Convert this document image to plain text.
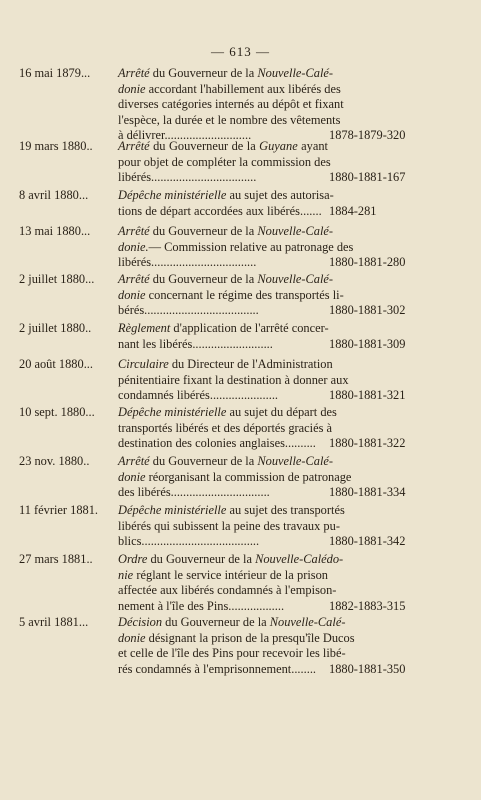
— 613 —
16 mai 1879...	Arrêté du Gouverneur de la Nouvelle-Calé-
donie accordant l'habillement aux libérés des
diverses catégories internés au dépôt et fixant
l'espèce, la durée et le nombre des vêtements
à délivrer............................	1878-1879-320
19 mars 1880..	Arrêté du Gouverneur de la Guyane ayant
pour objet de compléter la commission des
libérés..................................	1880-1881-167
8 avril 1880...	Dépêche ministérielle au sujet des autorisa-
tions de départ accordées aux libérés....... 1884-281
13 mai 1880...	Arrêté du Gouverneur de la Nouvelle-Calé-
donie.— Commission relative au patronage des
libérés..................................	1880-1881-280
2 juillet 1880...	Arrêté du Gouverneur de la Nouvelle-Calé-
donie concernant le régime des transportés li-
bérés.....................................	1880-1881-302
2 juillet 1880..	Règlement d'application de l'arrêté concer-
nant les libérés..........................	1880-1881-309
20 août 1880...	Circulaire du Directeur de l'Administration
pénitentiaire fixant la destination à donner aux
condamnés libérés......................	1880-1881-321
10 sept. 1880...	Dépêche ministérielle au sujet du départ des
transportés libérés et des déportés graciés à
destination des colonies anglaises..........	1880-1881-322
23 nov. 1880..	Arrêté du Gouverneur de la Nouvelle-Calé-
donie réorganisant la commission de patronage
des libérés................................	1880-1881-334
11 février 1881.	Dépêche ministérielle au sujet des transportés
libérés qui subissent la peine des travaux pu-
blics......................................	1880-1881-342
27 mars 1881..	Ordre du Gouverneur de la Nouvelle-Calédo-
nie réglant le service intérieur de la prison
affectée aux libérés condamnés à l'empison-
nement à l'île des Pins..................	1882-1883-315
5 avril 1881...	Décision du Gouverneur de la Nouvelle-Calé-
donie désignant la prison de la presqu'île Ducos
et celle de l'île des Pins pour recevoir les libé-
rés condamnés à l'emprisonnement........	1880-1881-350
